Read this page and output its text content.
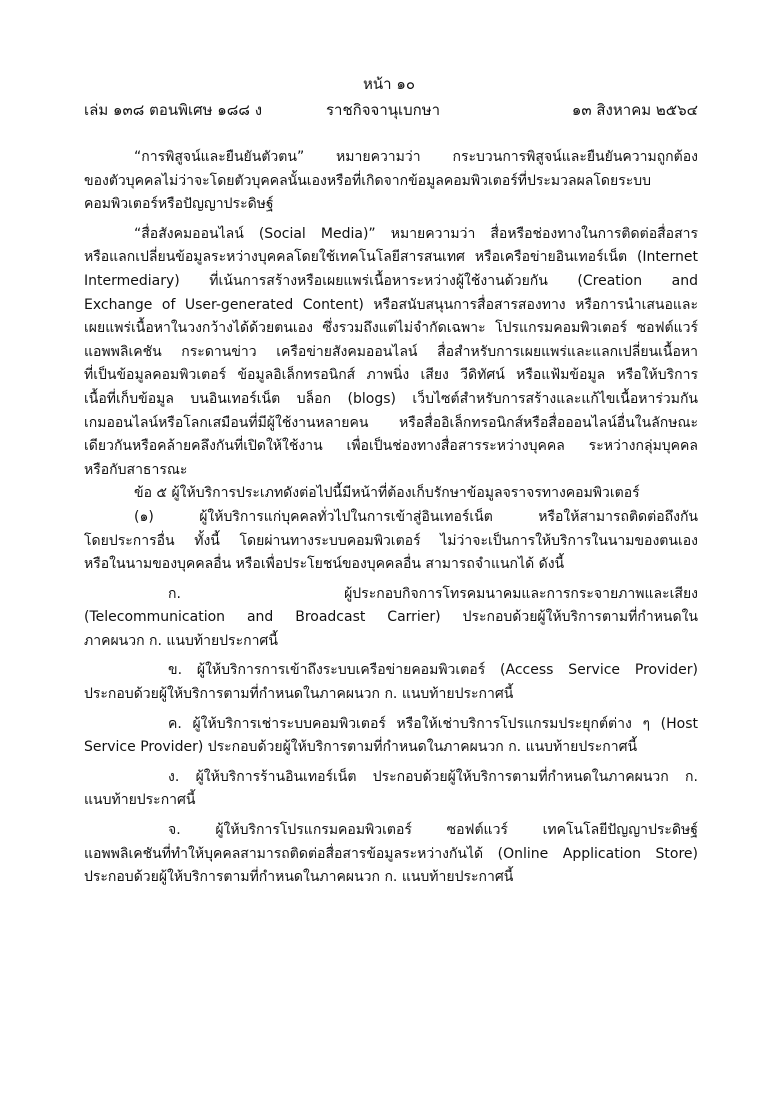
หน้า ๑๐
เล่ม ๑๓๘ ตอนพิเศษ ๑๘๘ ง	ราชกิจจานุเบกษา	๑๓ สิงหาคม ๒๕๖๔
“การพิสูจน์และยืนยันตัวตน” หมายความว่า กระบวนการพิสูจน์และยืนยันความถูกต้อง
ของตัวบุคคลไม่ว่าจะโดยตัวบุคคลนั้นเองหรือที่เกิดจากข้อมูลคอมพิวเตอร์ที่ประมวลผลโดยระบบ
คอมพิวเตอร์หรือปัญญาประดิษฐ์
“สื่อสังคมออนไลน์ (Social Media)” หมายความว่า สื่อหรือช่องทางในการติดต่อสื่อสาร
หรือแลกเปลี่ยนข้อมูลระหว่างบุคคลโดยใช้เทคโนโลยีสารสนเทศ หรือเครือข่ายอินเทอร์เน็ต (Internet
Intermediary) ที่เน้นการสร้างหรือเผยแพร่เนื้อหาระหว่างผู้ใช้งานด้วยกัน (Creation and
Exchange of User-generated Content) หรือสนับสนุนการสื่อสารสองทาง หรือการนำเสนอและ
เผยแพร่เนื้อหาในวงกว้างได้ด้วยตนเอง ซึ่งรวมถึงแต่ไม่จำกัดเฉพาะ โปรแกรมคอมพิวเตอร์ ซอฟต์แวร์
แอพพลิเคชัน กระดานข่าว เครือข่ายสังคมออนไลน์ สื่อสำหรับการเผยแพร่และแลกเปลี่ยนเนื้อหา
ที่เป็นข้อมูลคอมพิวเตอร์ ข้อมูลอิเล็กทรอนิกส์ ภาพนิ่ง เสียง วีดิทัศน์ หรือแฟ้มข้อมูล หรือให้บริการ
เนื้อที่เก็บข้อมูล บนอินเทอร์เน็ต บล็อก (blogs) เว็บไซต์สำหรับการสร้างและแก้ไขเนื้อหาร่วมกัน
เกมออนไลน์หรือโลกเสมือนที่มีผู้ใช้งานหลายคน หรือสื่ออิเล็กทรอนิกส์หรือสื่อออนไลน์อื่นในลักษณะ
เดียวกันหรือคล้ายคลึงกันที่เปิดให้ใช้งาน เพื่อเป็นช่องทางสื่อสารระหว่างบุคคล ระหว่างกลุ่มบุคคล
หรือกับสาธารณะ
ข้อ ๕ ผู้ให้บริการประเภทดังต่อไปนี้มีหน้าที่ต้องเก็บรักษาข้อมูลจราจรทางคอมพิวเตอร์
(๑) ผู้ให้บริการแก่บุคคลทั่วไปในการเข้าสู่อินเทอร์เน็ต หรือให้สามารถติดต่อถึงกัน
โดยประการอื่น ทั้งนี้ โดยผ่านทางระบบคอมพิวเตอร์ ไม่ว่าจะเป็นการให้บริการในนามของตนเอง
หรือในนามของบุคคลอื่น หรือเพื่อประโยชน์ของบุคคลอื่น สามารถจำแนกได้ ดังนี้
ก. ผู้ประกอบกิจการโทรคมนาคมและการกระจายภาพและเสียง
(Telecommunication and Broadcast Carrier) ประกอบด้วยผู้ให้บริการตามที่กำหนดใน
ภาคผนวก ก. แนบท้ายประกาศนี้
ข. ผู้ให้บริการการเข้าถึงระบบเครือข่ายคอมพิวเตอร์ (Access Service Provider)
ประกอบด้วยผู้ให้บริการตามที่กำหนดในภาคผนวก ก. แนบท้ายประกาศนี้
ค. ผู้ให้บริการเช่าระบบคอมพิวเตอร์ หรือให้เช่าบริการโปรแกรมประยุกต์ต่าง ๆ (Host
Service Provider) ประกอบด้วยผู้ให้บริการตามที่กำหนดในภาคผนวก ก. แนบท้ายประกาศนี้
ง. ผู้ให้บริการร้านอินเทอร์เน็ต ประกอบด้วยผู้ให้บริการตามที่กำหนดในภาคผนวก ก.
แนบท้ายประกาศนี้
จ. ผู้ให้บริการโปรแกรมคอมพิวเตอร์ ซอฟต์แวร์ เทคโนโลยีปัญญาประดิษฐ์
แอพพลิเคชันที่ทำให้บุคคลสามารถติดต่อสื่อสารข้อมูลระหว่างกันได้ (Online Application Store)
ประกอบด้วยผู้ให้บริการตามที่กำหนดในภาคผนวก ก. แนบท้ายประกาศนี้
